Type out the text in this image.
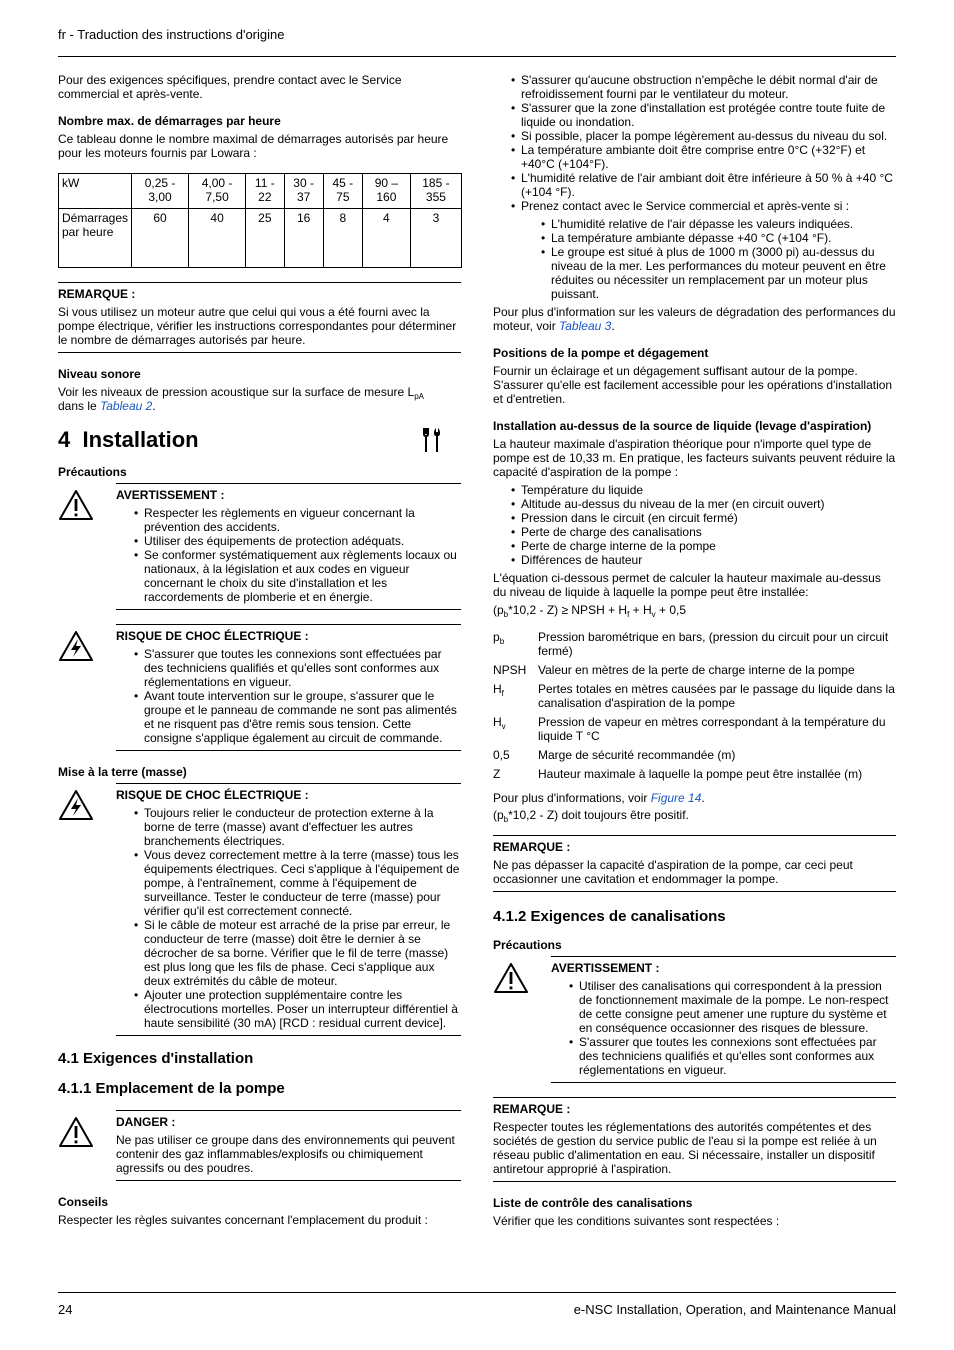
fr - Traduction des instructions d'origine

Pour des exigences spécifiques, prendre contact avec le Service commercial et après-vente.

Nombre max. de démarrages par heure

Ce tableau donne le nombre maximal de démarrages autorisés par heure pour les moteurs fournis par Lowara :

kW	0,25 - 3,00	4,00 - 7,50	11 - 22	30 - 37	45 - 75	90 – 160	185 - 355
Démarrages par heure	60	40	25	16	8	4	3
REMARQUE :
Si vous utilisez un moteur autre que celui qui vous a été fourni avec la pompe électrique, vérifier les instructions correspondantes pour déterminer le nombre de démarrages autorisés par heure.
Niveau sonore

Voir les niveaux de pression acoustique sur la surface de mesure $L_{pA}$
dans le Tableau 2.

4 Installation
Précautions
AVERTISSEMENT :
• Respecter les règlements en vigueur concernant la prévention des accidents.
• Utiliser des équipements de protection adéquats.
• Se conformer systématiquement aux règlements locaux ou nationaux, à la législation et aux codes en vigueur concernant le choix du site d'installation et les raccordements de plomberie et en énergie.
RISQUE DE CHOC ÉLECTRIQUE :
• S'assurer que toutes les connexions sont effectuées par des techniciens qualifiés et qu'elles sont conformes aux réglementations en vigueur.
• Avant toute intervention sur le groupe, s'assurer que le groupe et le panneau de commande ne sont pas alimentés et ne risquent pas d'être remis sous tension. Cette consigne s'applique également au circuit de commande.
Mise à la terre (masse)
RISQUE DE CHOC ÉLECTRIQUE :
• Toujours relier le conducteur de protection externe à la borne de terre (masse) avant d'effectuer les autres branchements électriques.
• Vous devez correctement mettre à la terre (masse) tous les équipements électriques. Ceci s'applique à l'équipement de pompe, à l'entraînement, comme à l'équipement de surveillance. Tester le conducteur de terre (masse) pour vérifier qu'il est correctement connecté.
• Si le câble de moteur est arraché de la prise par erreur, le conducteur de terre (masse) doit être le dernier à se décrocher de sa borne. Vérifier que le fil de terre (masse) est plus long que les fils de phase. Ceci s'applique aux deux extrémités du câble de moteur.
• Ajouter une protection supplémentaire contre les électrocutions mortelles. Poser un interrupteur différentiel à haute sensibilité (30 mA) [RCD : residual current device].
4.1 Exigences d'installation
4.1.1 Emplacement de la pompe
DANGER :
Ne pas utiliser ce groupe dans des environnements qui peuvent contenir des gaz inflammables/explosifs ou chimiquement agressifs ou des poudres.
Conseils

Respecter les règles suivantes concernant l'emplacement du produit :

• S'assurer qu'aucune obstruction n'empêche le débit normal d'air de refroidissement fourni par le ventilateur du moteur.
• S'assurer que la zone d'installation est protégée contre toute fuite de liquide ou inondation.
• Si possible, placer la pompe légèrement au-dessus du niveau du sol.
• La température ambiante doit être comprise entre 0°C (+32°F) et +40°C (+104°F).
• L'humidité relative de l'air ambiant doit être inférieure à 50 % à +40 °C (+104 °F).
• Prenez contact avec le Service commercial et après-vente si :
• L'humidité relative de l'air dépasse les valeurs indiquées.
• La température ambiante dépasse +40 °C (+104 °F).
• Le groupe est situé à plus de 1000 m (3000 pi) au-dessus du niveau de la mer. Les performances du moteur peuvent en être réduites ou nécessiter un remplacement par un moteur plus puissant.

Pour plus d'information sur les valeurs de dégradation des performances du moteur, voir Tableau 3.

Positions de la pompe et dégagement

Fournir un éclairage et un dégagement suffisant autour de la pompe. S'assurer qu'elle est facilement accessible pour les opérations d'installation et d'entretien.

Installation au-dessus de la source de liquide (levage d'aspiration)

La hauteur maximale d'aspiration théorique pour n'importe quel type de pompe est de 10,33 m. En pratique, les facteurs suivants peuvent réduire la capacité d'aspiration de la pompe :

• Température du liquide
• Altitude au-dessus du niveau de la mer (en circuit ouvert)
• Pression dans le circuit (en circuit fermé)
• Perte de charge des canalisations
• Perte de charge interne de la pompe
• Différences de hauteur

L'équation ci-dessous permet de calculer la hauteur maximale au-dessus du niveau de liquide à laquelle la pompe peut être installée:

$(p_b*10,2 - Z)$ ≥ NPSH + $H_f + H_v + 0,5$

$p_b$	Pression barométrique en bars, (pression du circuit pour un circuit fermé)
NPSH Valeur en mètres de la perte de charge interne de la pompe
$H_f$	Pertes totales en mètres causées par le passage du liquide dans la canalisation d'aspiration de la pompe
$H_v$	Pression de vapeur en mètres correspondant à la température du liquide T °C
0,5	Marge de sécurité recommandée (m)
Z	Hauteur maximale à laquelle la pompe peut être installée (m)

Pour plus d'informations, voir Figure 14.

$(p_b*10,2 - Z)$ doit toujours être positif.

REMARQUE :
Ne pas dépasser la capacité d'aspiration de la pompe, car ceci peut occasionner une cavitation et endommager la pompe.
4.1.2 Exigences de canalisations
Précautions
AVERTISSEMENT :
• Utiliser des canalisations qui correspondent à la pression de fonctionnement maximale de la pompe. Le non-respect de cette consigne peut amener une rupture du système et en conséquence occasionner des risques de blessure.
• S'assurer que toutes les connexions sont effectuées par des techniciens qualifiés et qu'elles sont conformes aux réglementations en vigueur.
REMARQUE :
Respecter toutes les réglementations des autorités compétentes et des sociétés de gestion du service public de l'eau si la pompe est reliée à un réseau public d'alimentation en eau. Si nécessaire, installer un dispositif antiretour approprié à l'aspiration.
Liste de contrôle des canalisations

Vérifier que les conditions suivantes sont respectées :

24	e-NSC Installation, Operation, and Maintenance Manual
